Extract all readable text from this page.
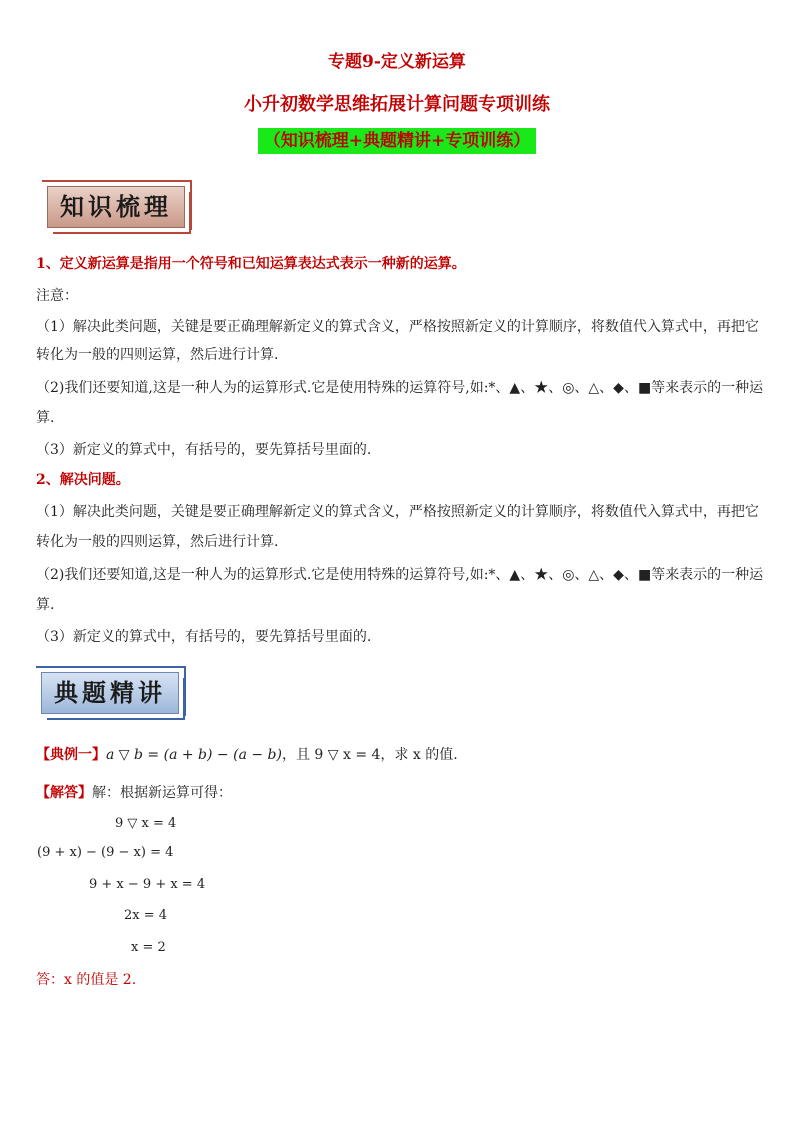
专题9-定义新运算
小升初数学思维拓展计算问题专项训练
（知识梳理+典题精讲+专项训练）
知识梳理
1、定义新运算是指用一个符号和已知运算表达式表示一种新的运算。
注意：
（1）解决此类问题，关键是要正确理解新定义的算式含义，严格按照新定义的计算顺序，将数值代入算式中，再把它
转化为一般的四则运算，然后进行计算.
（2)我们还要知道,这是一种人为的运算形式.它是使用特殊的运算符号,如:*、▲、★、◎、△、◆、■等来表示的一种运
算.
（3）新定义的算式中，有括号的，要先算括号里面的.
2、解决问题。
（1）解决此类问题，关键是要正确理解新定义的算式含义，严格按照新定义的计算顺序，将数值代入算式中，再把它
转化为一般的四则运算，然后进行计算.
（2)我们还要知道,这是一种人为的运算形式.它是使用特殊的运算符号,如:*、▲、★、◎、△、◆、■等来表示的一种运
算.
（3）新定义的算式中，有括号的，要先算括号里面的.
典题精讲
【典例一】a ▽ b = (a + b) − (a − b)，且 9 ▽ x = 4，求 x 的值.
【解答】解：根据新运算可得：
9 ▽ x = 4
(9 + x) − (9 − x) = 4
9 + x − 9 + x = 4
2x = 4
x = 2
答：x 的值是 2.
